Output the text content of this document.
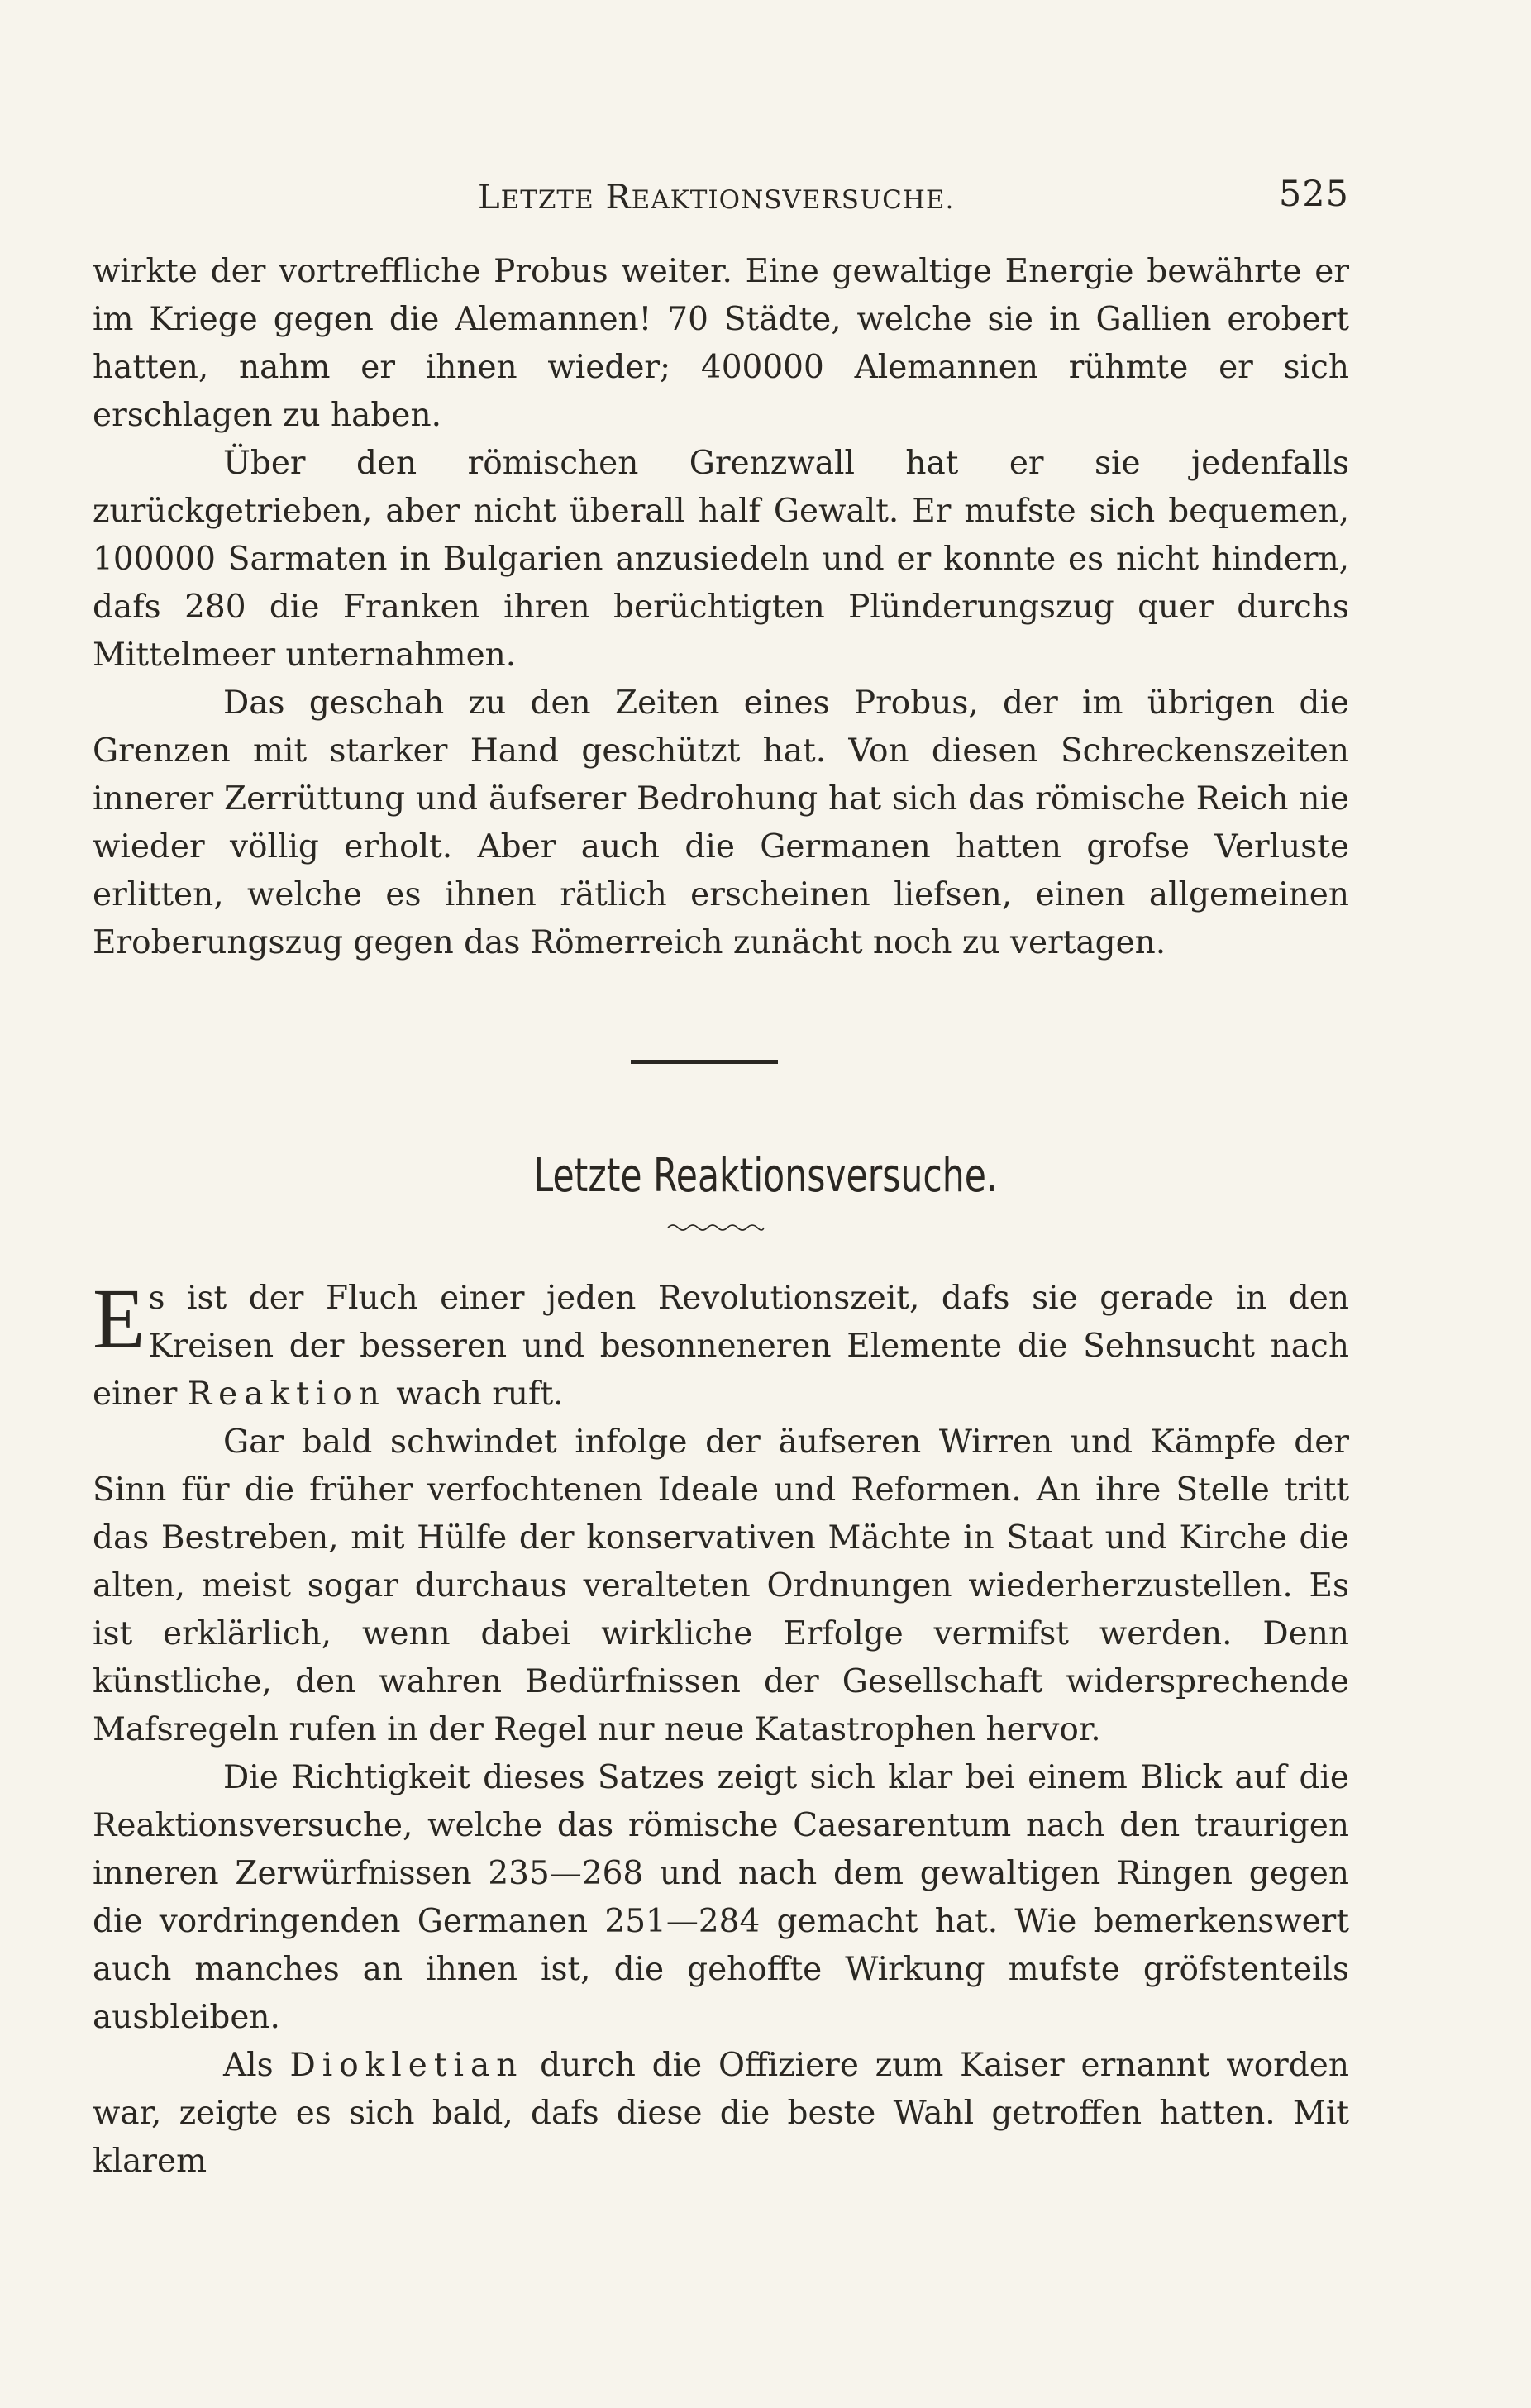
LETZTE REAKTIONSVERSUCHE.	525

wirkte der vortreffliche Probus weiter. Eine gewaltige Energie bewährte er im Kriege gegen die Alemannen! 70 Städte, welche sie in Gallien erobert hatten, nahm er ihnen wieder; 400000 Alemannen rühmte er sich erschlagen zu haben.

Über den römischen Grenzwall hat er sie jedenfalls zurückgetrieben, aber nicht überall half Gewalt. Er mufste sich bequemen, 100000 Sarmaten in Bulgarien anzusiedeln und er konnte es nicht hindern, dafs 280 die Franken ihren berüchtigten Plünderungszug quer durchs Mittelmeer unternahmen.

Das geschah zu den Zeiten eines Probus, der im übrigen die Grenzen mit starker Hand geschützt hat. Von diesen Schreckenszeiten innerer Zerrüttung und äufserer Bedrohung hat sich das römische Reich nie wieder völlig erholt. Aber auch die Germanen hatten grofse Verluste erlitten, welche es ihnen rätlich erscheinen liefsen, einen allgemeinen Eroberungszug gegen das Römerreich zunächt noch zu vertagen.

Letzte Reaktionsversuche.

Es ist der Fluch einer jeden Revolutionszeit, dafs sie gerade in den Kreisen der besseren und besonneneren Elemente die Sehnsucht nach einer Reaktion wach ruft.

Gar bald schwindet infolge der äufseren Wirren und Kämpfe der Sinn für die früher verfochtenen Ideale und Reformen. An ihre Stelle tritt das Bestreben, mit Hülfe der konservativen Mächte in Staat und Kirche die alten, meist sogar durchaus veralteten Ordnungen wiederherzustellen. Es ist erklärlich, wenn dabei wirkliche Erfolge vermifst werden. Denn künstliche, den wahren Bedürfnissen der Gesellschaft widersprechende Mafsregeln rufen in der Regel nur neue Katastrophen hervor.

Die Richtigkeit dieses Satzes zeigt sich klar bei einem Blick auf die Reaktionsversuche, welche das römische Caesarentum nach den traurigen inneren Zerwürfnissen 235—268 und nach dem gewaltigen Ringen gegen die vordringenden Germanen 251—284 gemacht hat. Wie bemerkenswert auch manches an ihnen ist, die gehoffte Wirkung mufste gröfstenteils ausbleiben.

Als Diokletian durch die Offiziere zum Kaiser ernannt worden war, zeigte es sich bald, dafs diese die beste Wahl getroffen hatten. Mit klarem
